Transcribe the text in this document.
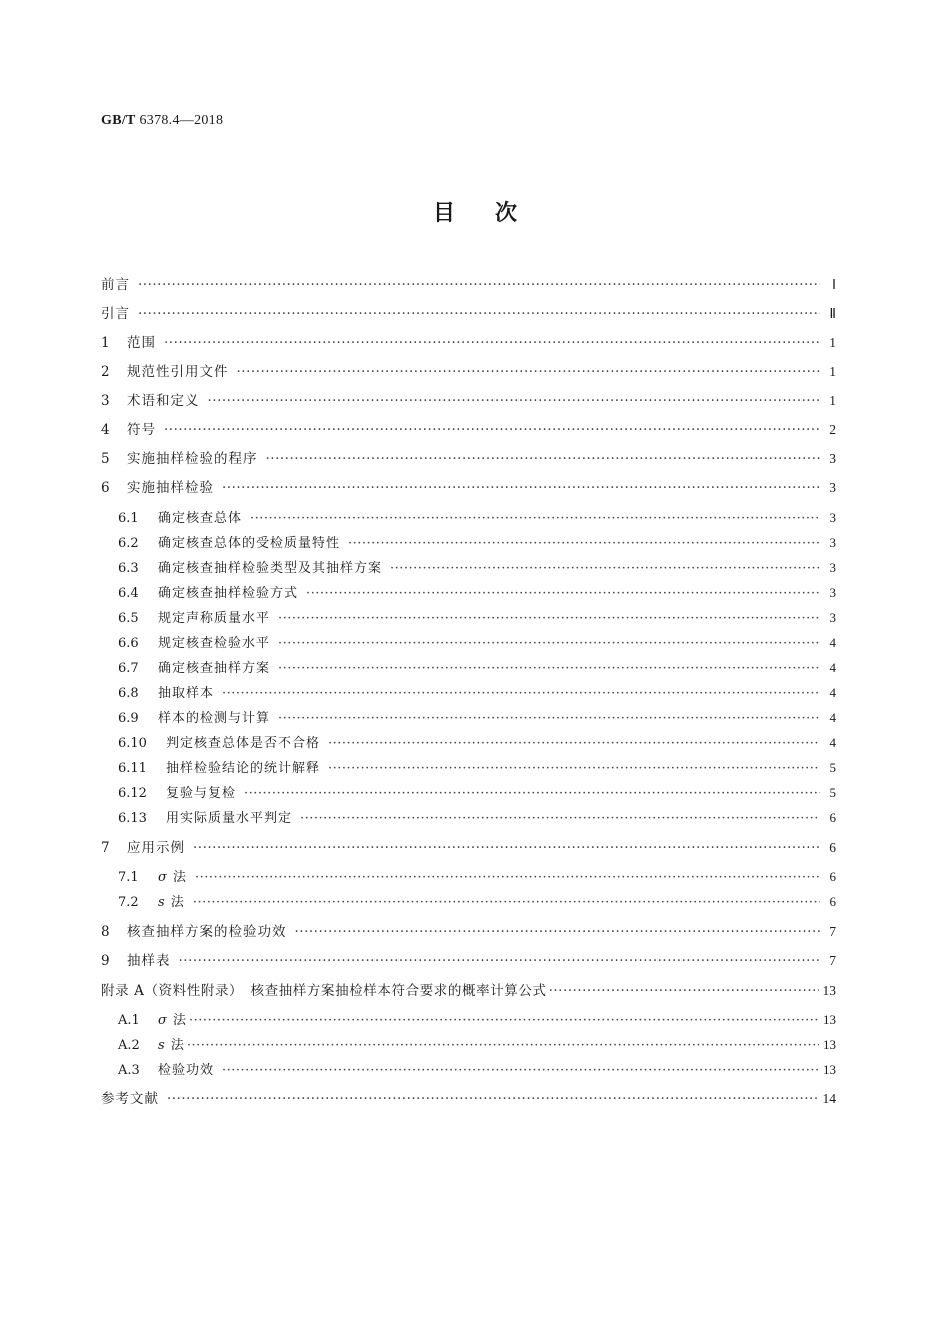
GB/T 6378.4—2018
目次
前言 ·····	Ⅰ
引言 ·····	Ⅱ
1	范围 ·····	1
2	规范性引用文件 ·····	1
3	术语和定义 ·····	1
4	符号 ·····	2
5	实施抽样检验的程序 ·····	3
6	实施抽样检验 ·····	3
6.1	确定核查总体 ·····	3
6.2	确定核查总体的受检质量特性 ·····	3
6.3	确定核查抽样检验类型及其抽样方案 ·····	3
6.4	确定核查抽样检验方式 ·····	3
6.5	规定声称质量水平 ·····	3
6.6	规定核查检验水平 ·····	4
6.7	确定核查抽样方案 ·····	4
6.8	抽取样本 ·····	4
6.9	样本的检测与计算 ·····	4
6.10	判定核查总体是否不合格 ·····	4
6.11	抽样检验结论的统计解释 ·····	5
6.12	复验与复检 ·····	5
6.13	用实际质量水平判定 ·····	6
7	应用示例 ·····	6
7.1	σ 法 ·····	6
7.2	s 法 ·····	6
8	核查抽样方案的检验功效 ·····	7
9	抽样表 ·····	7
附录 A（资料性附录）　核查抽样方案抽检样本符合要求的概率计算公式 ·····	13
A.1	σ 法 ·····	13
A.2	s 法 ·····	13
A.3	检验功效 ·····	13
参考文献 ·····	14
